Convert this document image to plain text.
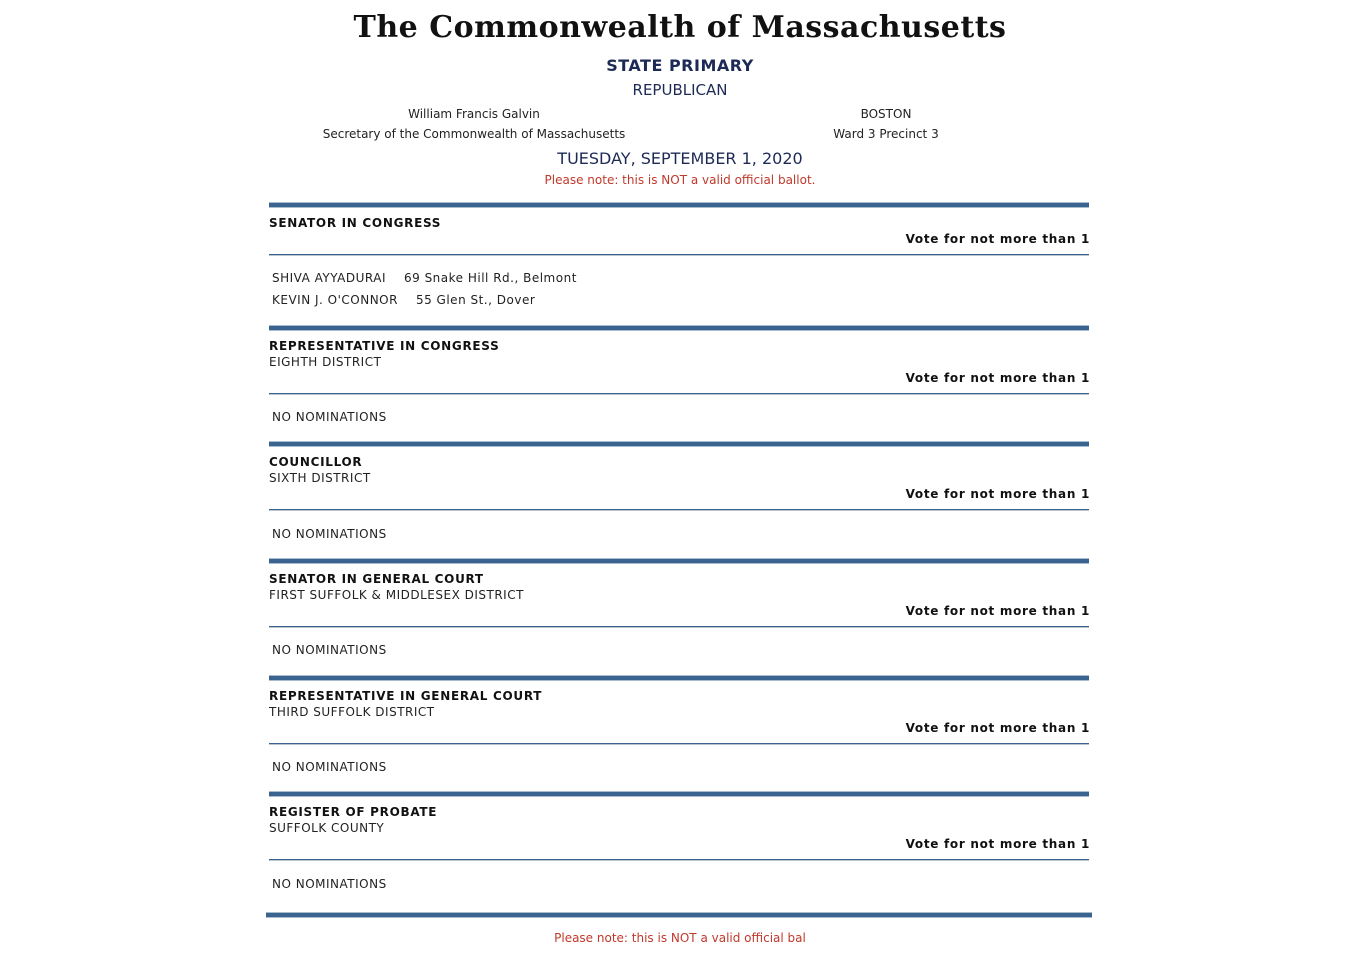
The Commonwealth of Massachusetts
STATE PRIMARY
REPUBLICAN
William Francis Galvin
Secretary of the Commonwealth of Massachusetts
BOSTON
Ward 3 Precinct 3
TUESDAY, SEPTEMBER 1, 2020
Please note: this is NOT a valid official ballot.
SENATOR IN CONGRESS
Vote for not more than 1
SHIVA AYYADURAI 69 Snake Hill Rd., Belmont
KEVIN J. O'CONNOR 55 Glen St., Dover
REPRESENTATIVE IN CONGRESS
EIGHTH DISTRICT
Vote for not more than 1
NO NOMINATIONS
COUNCILLOR
SIXTH DISTRICT
Vote for not more than 1
NO NOMINATIONS
SENATOR IN GENERAL COURT
FIRST SUFFOLK & MIDDLESEX DISTRICT
Vote for not more than 1
NO NOMINATIONS
REPRESENTATIVE IN GENERAL COURT
THIRD SUFFOLK DISTRICT
Vote for not more than 1
NO NOMINATIONS
REGISTER OF PROBATE
SUFFOLK COUNTY
Vote for not more than 1
NO NOMINATIONS
Please note: this is NOT a valid official bal
